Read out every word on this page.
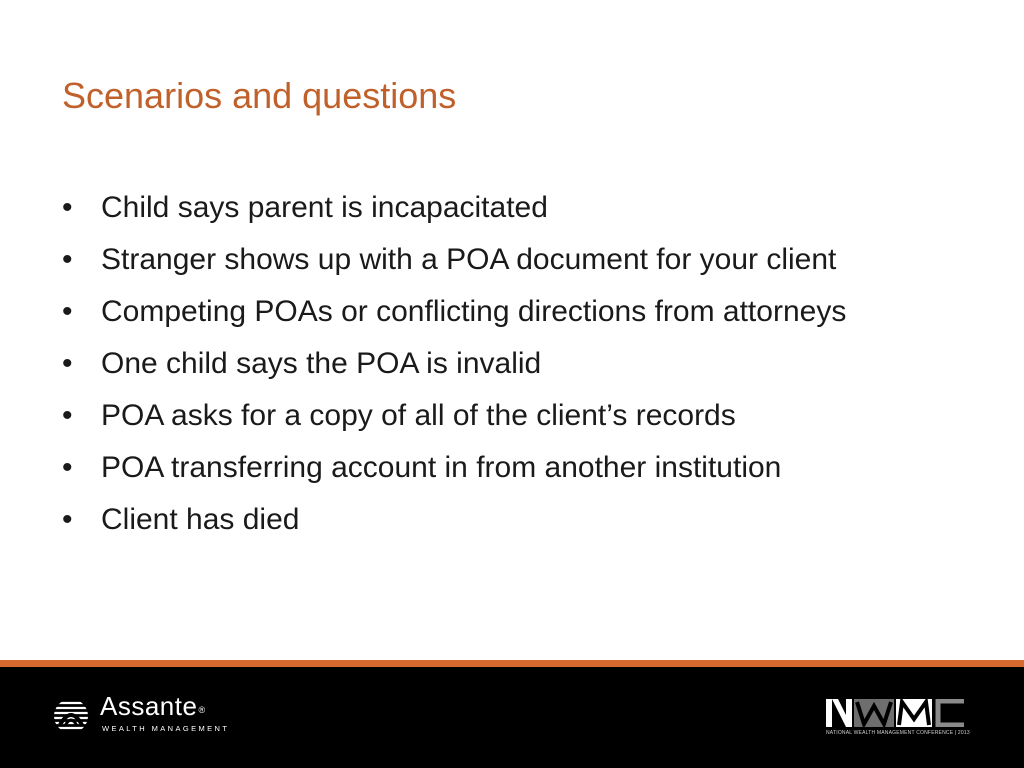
Scenarios and questions
• Child says parent is incapacitated
• Stranger shows up with a POA document for your client
• Competing POAs or conflicting directions from attorneys
• One child says the POA is invalid
• POA asks for a copy of all of the client’s records
• POA transferring account in from another institution
• Client has died
Assante®
WEALTH MANAGEMENT	NATIONAL WEALTH MANAGEMENT CONFERENCE | 2013
